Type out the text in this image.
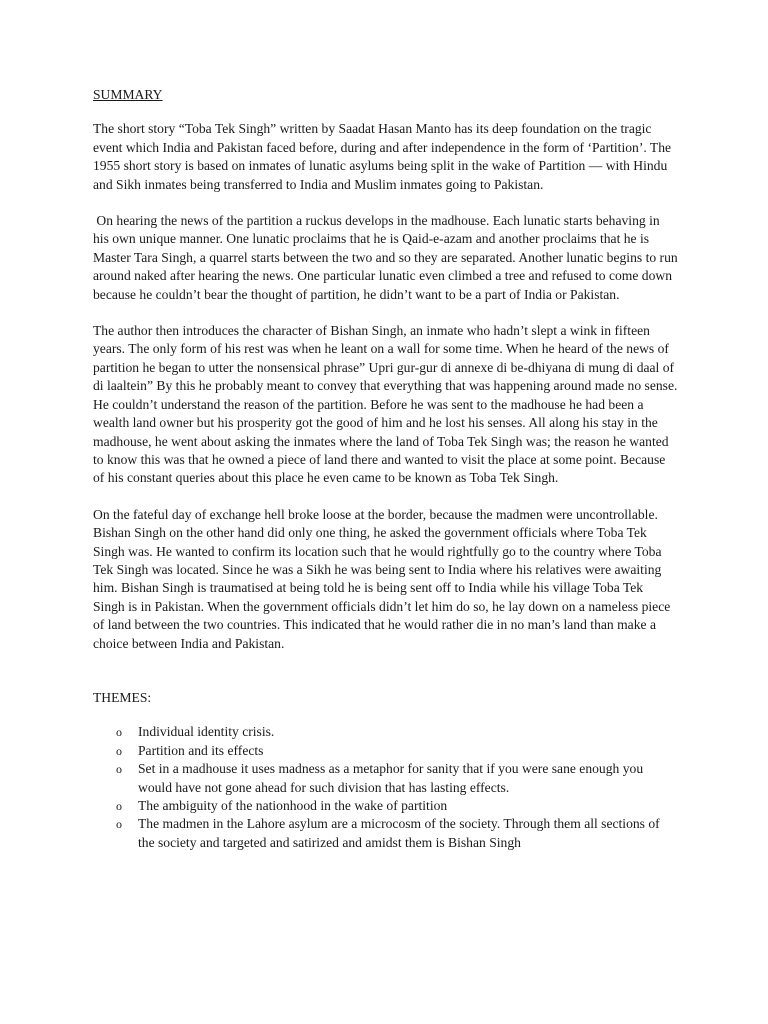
SUMMARY

The short story “Toba Tek Singh” written by Saadat Hasan Manto has its deep foundation on the tragic event which India and Pakistan faced before, during and after independence in the form of ‘Partition’. The 1955 short story is based on inmates of lunatic asylums being split in the wake of Partition — with Hindu and Sikh inmates being transferred to India and Muslim inmates going to Pakistan.

On hearing the news of the partition a ruckus develops in the madhouse. Each lunatic starts behaving in his own unique manner. One lunatic proclaims that he is Qaid-e-azam and another proclaims that he is Master Tara Singh, a quarrel starts between the two and so they are separated. Another lunatic begins to run around naked after hearing the news. One particular lunatic even climbed a tree and refused to come down because he couldn’t bear the thought of partition, he didn’t want to be a part of India or Pakistan.

The author then introduces the character of Bishan Singh, an inmate who hadn’t slept a wink in fifteen years. The only form of his rest was when he leant on a wall for some time. When he heard of the news of partition he began to utter the nonsensical phrase” Upri gur-gur di annexe di be-dhiyana di mung di daal of di laaltein” By this he probably meant to convey that everything that was happening around made no sense. He couldn’t understand the reason of the partition. Before he was sent to the madhouse he had been a wealth land owner but his prosperity got the good of him and he lost his senses. All along his stay in the madhouse, he went about asking the inmates where the land of Toba Tek Singh was; the reason he wanted to know this was that he owned a piece of land there and wanted to visit the place at some point. Because of his constant queries about this place he even came to be known as Toba Tek Singh.

On the fateful day of exchange hell broke loose at the border, because the madmen were uncontrollable. Bishan Singh on the other hand did only one thing, he asked the government officials where Toba Tek Singh was. He wanted to confirm its location such that he would rightfully go to the country where Toba Tek Singh was located. Since he was a Sikh he was being sent to India where his relatives were awaiting him. Bishan Singh is traumatised at being told he is being sent off to India while his village Toba Tek Singh is in Pakistan. When the government officials didn’t let him do so, he lay down on a nameless piece of land between the two countries. This indicated that he would rather die in no man’s land than make a choice between India and Pakistan.

THEMES:
o Individual identity crisis.
o Partition and its effects
o Set in a madhouse it uses madness as a metaphor for sanity that if you were sane enough you would have not gone ahead for such division that has lasting effects.
o The ambiguity of the nationhood in the wake of partition
o The madmen in the Lahore asylum are a microcosm of the society. Through them all sections of the society and targeted and satirized and amidst them is Bishan Singh
